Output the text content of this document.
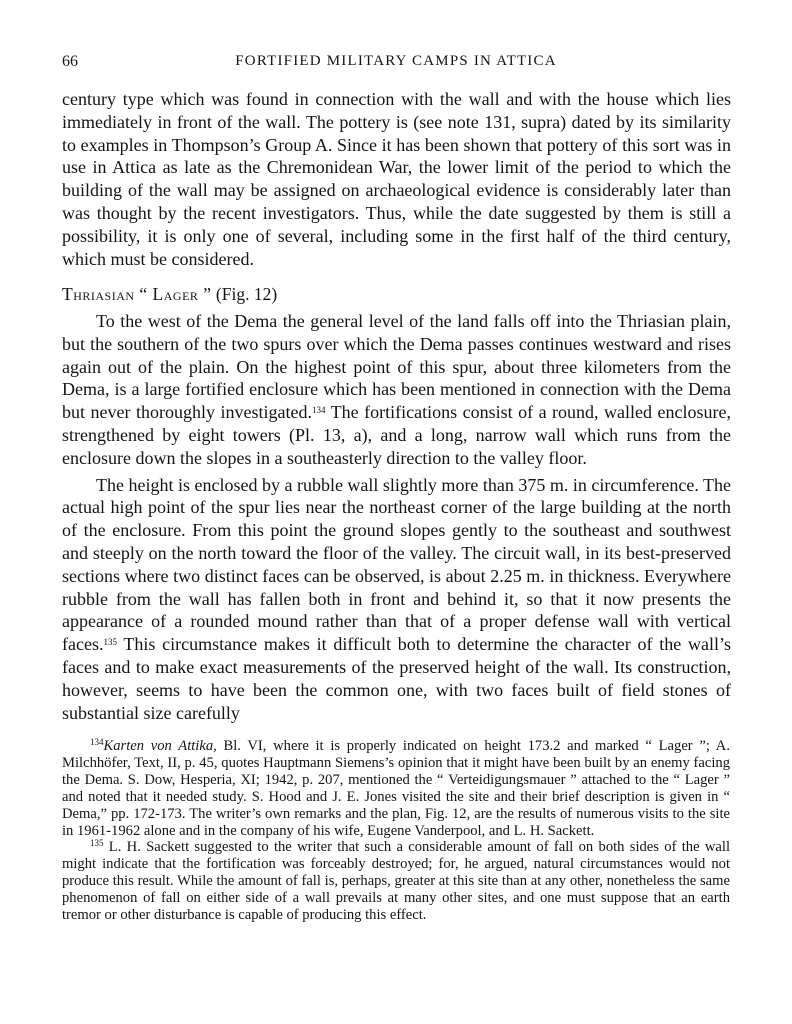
66	FORTIFIED MILITARY CAMPS IN ATTICA

century type which was found in connection with the wall and with the house which lies immediately in front of the wall. The pottery is (see note 131, supra) dated by its similarity to examples in Thompson’s Group A. Since it has been shown that pottery of this sort was in use in Attica as late as the Chremonidean War, the lower limit of the period to which the building of the wall may be assigned on archaeological evidence is considerably later than was thought by the recent investigators. Thus, while the date suggested by them is still a possibility, it is only one of several, including some in the first half of the third century, which must be considered.

Thriasian “ Lager ” (Fig. 12)

To the west of the Dema the general level of the land falls off into the Thriasian plain, but the southern of the two spurs over which the Dema passes continues westward and rises again out of the plain. On the highest point of this spur, about three kilometers from the Dema, is a large fortified enclosure which has been mentioned in connection with the Dema but never thoroughly investigated.$^{134}$ The fortifications consist of a round, walled enclosure, strengthened by eight towers (Pl. 13, a), and a long, narrow wall which runs from the enclosure down the slopes in a southeasterly direction to the valley floor.

The height is enclosed by a rubble wall slightly more than 375 m. in circumference. The actual high point of the spur lies near the northeast corner of the large building at the north of the enclosure. From this point the ground slopes gently to the southeast and southwest and steeply on the north toward the floor of the valley. The circuit wall, in its best-preserved sections where two distinct faces can be observed, is about 2.25 m. in thickness. Everywhere rubble from the wall has fallen both in front and behind it, so that it now presents the appearance of a rounded mound rather than that of a proper defense wall with vertical faces.$^{135}$ This circumstance makes it difficult both to determine the character of the wall’s faces and to make exact measurements of the preserved height of the wall. Its construction, however, seems to have been the common one, with two faces built of field stones of substantial size carefully

$^{134}$Karten von Attika, Bl. VI, where it is properly indicated on height 173.2 and marked “ Lager ”; A. Milchhöfer, Text, II, p. 45, quotes Hauptmann Siemens’s opinion that it might have been built by an enemy facing the Dema. S. Dow, Hesperia, XI; 1942, p. 207, mentioned the “ Verteidigungsmauer ” attached to the “ Lager ” and noted that it needed study. S. Hood and J. E. Jones visited the site and their brief description is given in “ Dema,” pp. 172-173. The writer’s own remarks and the plan, Fig. 12, are the results of numerous visits to the site in 1961-1962 alone and in the company of his wife, Eugene Vanderpool, and L. H. Sackett.

$^{135}$ L. H. Sackett suggested to the writer that such a considerable amount of fall on both sides of the wall might indicate that the fortification was forceably destroyed; for, he argued, natural circumstances would not produce this result. While the amount of fall is, perhaps, greater at this site than at any other, nonetheless the same phenomenon of fall on either side of a wall prevails at many other sites, and one must suppose that an earth tremor or other disturbance is capable of producing this effect.
